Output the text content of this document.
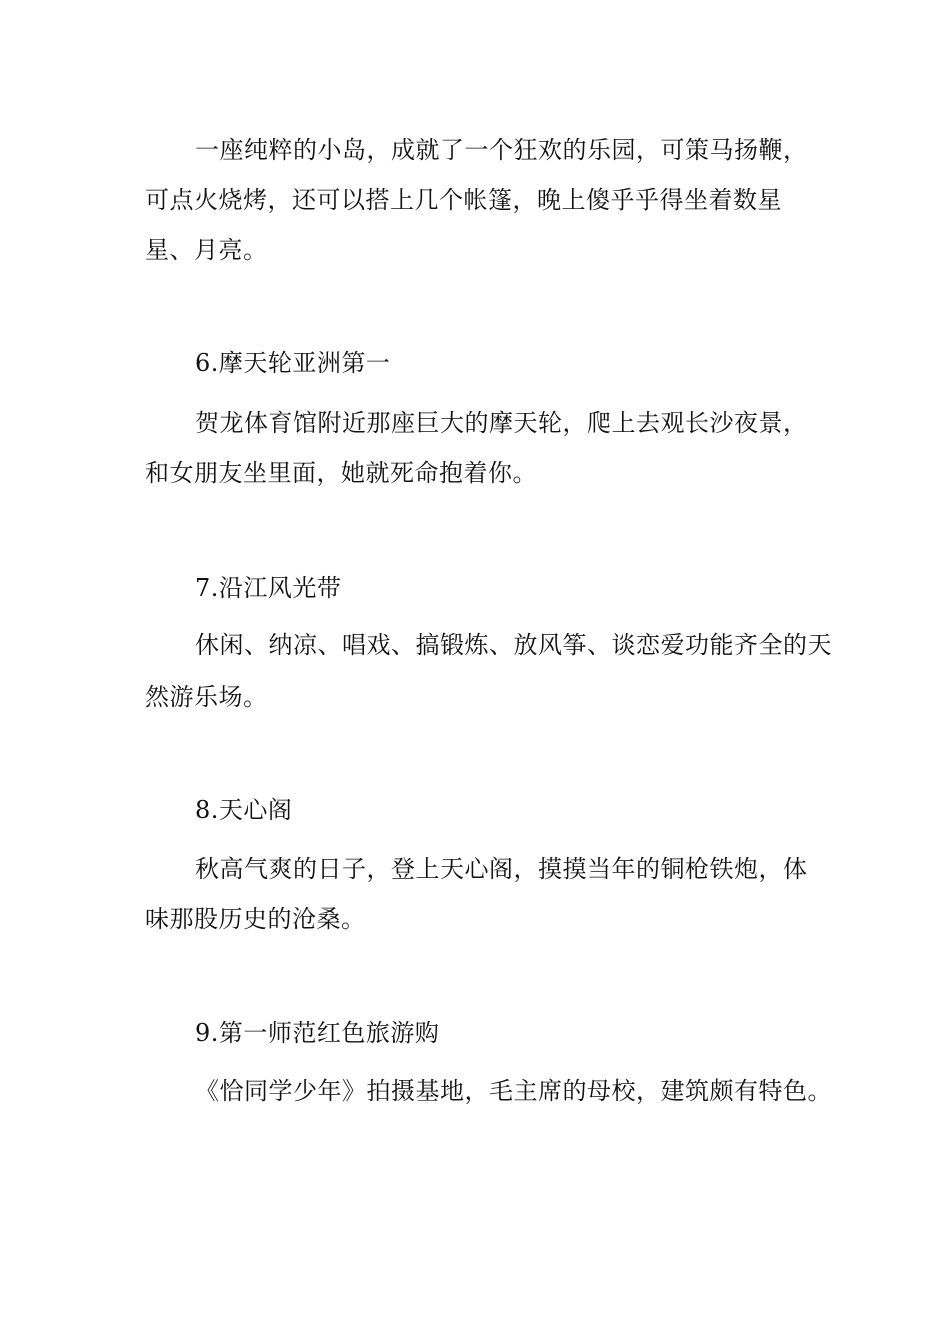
一座纯粹的小岛，成就了一个狂欢的乐园，可策马扬鞭，
可点火烧烤，还可以搭上几个帐篷，晚上傻乎乎得坐着数星
星、月亮。
6.摩天轮亚洲第一
贺龙体育馆附近那座巨大的摩天轮，爬上去观长沙夜景，
和女朋友坐里面，她就死命抱着你。
7.沿江风光带
休闲、纳凉、唱戏、搞锻炼、放风筝、谈恋爱功能齐全的天
然游乐场。
8.天心阁
秋高气爽的日子，登上天心阁，摸摸当年的铜枪铁炮，体
味那股历史的沧桑。
9.第一师范红色旅游购
《恰同学少年》拍摄基地，毛主席的母校，建筑颇有特色。
